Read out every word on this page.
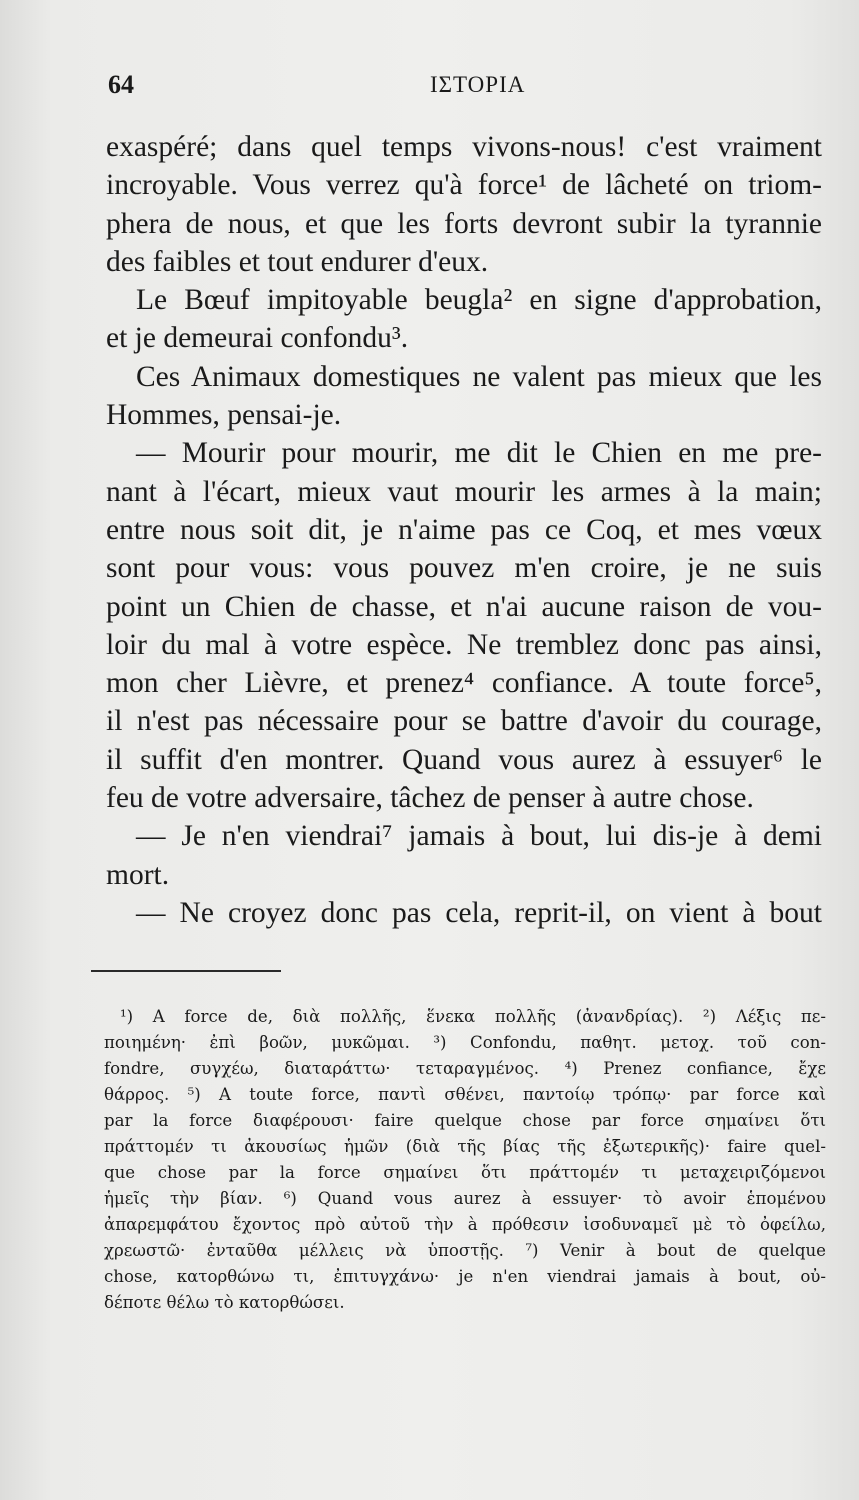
64	ΙΣΤΟΡΙΑ
exaspéré; dans quel temps vivons-nous! c'est vraiment
incroyable. Vous verrez qu'à force¹ de lâcheté on triom-
phera de nous, et que les forts devront subir la tyrannie
des faibles et tout endurer d'eux.
Le Bœuf impitoyable beugla² en signe d'approbation,
et je demeurai confondu³.
Ces Animaux domestiques ne valent pas mieux que les
Hommes, pensai-je.
— Mourir pour mourir, me dit le Chien en me pre-
nant à l'écart, mieux vaut mourir les armes à la main;
entre nous soit dit, je n'aime pas ce Coq, et mes vœux
sont pour vous: vous pouvez m'en croire, je ne suis
point un Chien de chasse, et n'ai aucune raison de vou-
loir du mal à votre espèce. Ne tremblez donc pas ainsi,
mon cher Lièvre, et prenez⁴ confiance. A toute force⁵,
il n'est pas nécessaire pour se battre d'avoir du courage,
il suffit d'en montrer. Quand vous aurez à essuyer⁶ le
feu de votre adversaire, tâchez de penser à autre chose.
— Je n'en viendrai⁷ jamais à bout, lui dis-je à demi
mort.
— Ne croyez donc pas cela, reprit-il, on vient à bout
¹) Α force de, διὰ πολλῆς, ἕνεκα πολλῆς (ἀνανδρίας). ²) Λέξις πε-
ποιημένη· ἐπὶ βοῶν, μυκῶμαι. ³) Confondu, παθητ. μετοχ. τοῦ con-
fondre, συγχέω, διαταράττω· τεταραγμένος. ⁴) Prenez confiance, ἔχε
θάρρος. ⁵) A toute force, παντὶ σθένει, παντοίῳ τρόπῳ· par force καὶ
par la force διαφέρουσι· faire quelque chose par force σημαίνει ὅτι
πράττομέν τι ἀκουσίως ἡμῶν (διὰ τῆς βίας τῆς ἐξωτερικῆς)· faire quel-
que chose par la force σημαίνει ὅτι πράττομέν τι μεταχειριζόμενοι
ἡμεῖς τὴν βίαν. ⁶) Quand vous aurez à essuyer· τὸ avoir ἑπομένου
ἀπαρεμφάτου ἔχοντος πρὸ αὐτοῦ τὴν à πρόθεσιν ἰσοδυναμεῖ μὲ τὸ ὀφείλω,
χρεωστῶ· ἐνταῦθα μέλλεις νὰ ὑποστῇς. ⁷) Venir à bout de quelque
chose, κατορθώνω τι, ἐπιτυγχάνω· je n'en viendrai jamais à bout, οὐ-
δέποτε θέλω τὸ κατορθώσει.
